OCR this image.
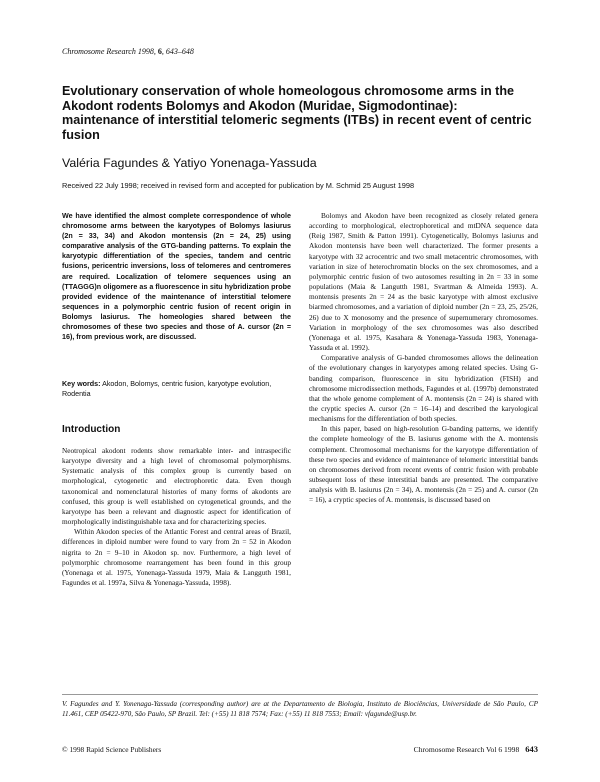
Chromosome Research 1998, 6, 643–648
Evolutionary conservation of whole homeologous chromosome arms in the Akodont rodents Bolomys and Akodon (Muridae, Sigmodontinae): maintenance of interstitial telomeric segments (ITBs) in recent event of centric fusion
Valéria Fagundes & Yatiyo Yonenaga-Yassuda
Received 22 July 1998; received in revised form and accepted for publication by M. Schmid 25 August 1998
We have identified the almost complete correspondence of whole chromosome arms between the karyotypes of Bolomys lasiurus (2n = 33, 34) and Akodon montensis (2n = 24, 25) using comparative analysis of the GTG-banding patterns. To explain the karyotypic differentiation of the species, tandem and centric fusions, pericentric inversions, loss of telomeres and centromeres are required. Localization of telomere sequences using an (TTAGGG)n oligomere as a fluorescence in situ hybridization probe provided evidence of the maintenance of interstitial telomere sequences in a polymorphic centric fusion of recent origin in Bolomys lasiurus. The homeologies shared between the chromosomes of these two species and those of A. cursor (2n = 16), from previous work, are discussed.
Key words: Akodon, Bolomys, centric fusion, karyotype evolution, Rodentia
Introduction

Neotropical akodont rodents show remarkable inter- and intraspecific karyotype diversity and a high level of chromosomal polymorphisms. Systematic analysis of this complex group is currently based on morphological, cytogenetic and electrophoretic data. Even though taxonomical and nomenclatural histories of many forms of akodonts are confused, this group is well established on cytogenetical grounds, and the karyotype has been a relevant and diagnostic aspect for identification of morphologically indistinguishable taxa and for characterizing species.

Within Akodon species of the Atlantic Forest and central areas of Brazil, differences in diploid number were found to vary from 2n = 52 in Akodon nigrita to 2n = 9–10 in Akodon sp. nov. Furthermore, a high level of polymorphic chromosome rearrangement has been found in this group (Yonenaga et al. 1975, Yonenaga-Yassuda 1979, Maia & Langguth 1981, Fagundes et al. 1997a, Silva & Yonenaga-Yassuda, 1998).

Bolomys and Akodon have been recognized as closely related genera according to morphological, electrophoretical and mtDNA sequence data (Reig 1987, Smith & Patton 1991). Cytogenetically, Bolomys lasiurus and Akodon montensis have been well characterized. The former presents a karyotype with 32 acrocentric and two small metacentric chromosomes, with variation in size of heterochromatin blocks on the sex chromosomes, and a polymorphic centric fusion of two autosomes resulting in 2n = 33 in some populations (Maia & Langutth 1981, Svartman & Almeida 1993). A. montensis presents 2n = 24 as the basic karyotype with almost exclusive biarmed chromosomes, and a variation of diploid number (2n = 23, 25, 25/26, 26) due to X monosomy and the presence of supernumerary chromosomes. Variation in morphology of the sex chromosomes was also described (Yonenaga et al. 1975, Kasahara & Yonenaga-Yassuda 1983, Yonenaga-Yassuda et al. 1992).

Comparative analysis of G-banded chromosomes allows the delineation of the evolutionary changes in karyotypes among related species. Using G-banding comparison, fluorescence in situ hybridization (FISH) and chromosome microdissection methods, Fagundes et al. (1997b) demonstrated that the whole genome complement of A. montensis (2n = 24) is shared with the cryptic species A. cursor (2n = 16–14) and described the karyological mechanisms for the differentiation of both species.

In this paper, based on high-resolution G-banding patterns, we identify the complete homeology of the B. lasiurus genome with the A. montensis complement. Chromosomal mechanisms for the karyotype differentiation of these two species and evidence of maintenance of telomeric interstitial bands on chromosomes derived from recent events of centric fusion with probable subsequent loss of these interstitial bands are presented. The comparative analysis with B. lasiurus (2n = 34), A. montensis (2n = 25) and A. cursor (2n = 16), a cryptic species of A. montensis, is discussed based on

V. Fagundes and Y. Yonenaga-Yassuda (corresponding author) are at the Departamento de Biologia, Instituto de Biociências, Universidade de São Paulo, CP 11.461, CEP 05422-970, São Paulo, SP Brazil. Tel: (+55) 11 818 7574; Fax: (+55) 11 818 7553; Email: vfagunde@usp.br.
© 1998 Rapid Science Publishers	Chromosome Research Vol 6 1998 643
